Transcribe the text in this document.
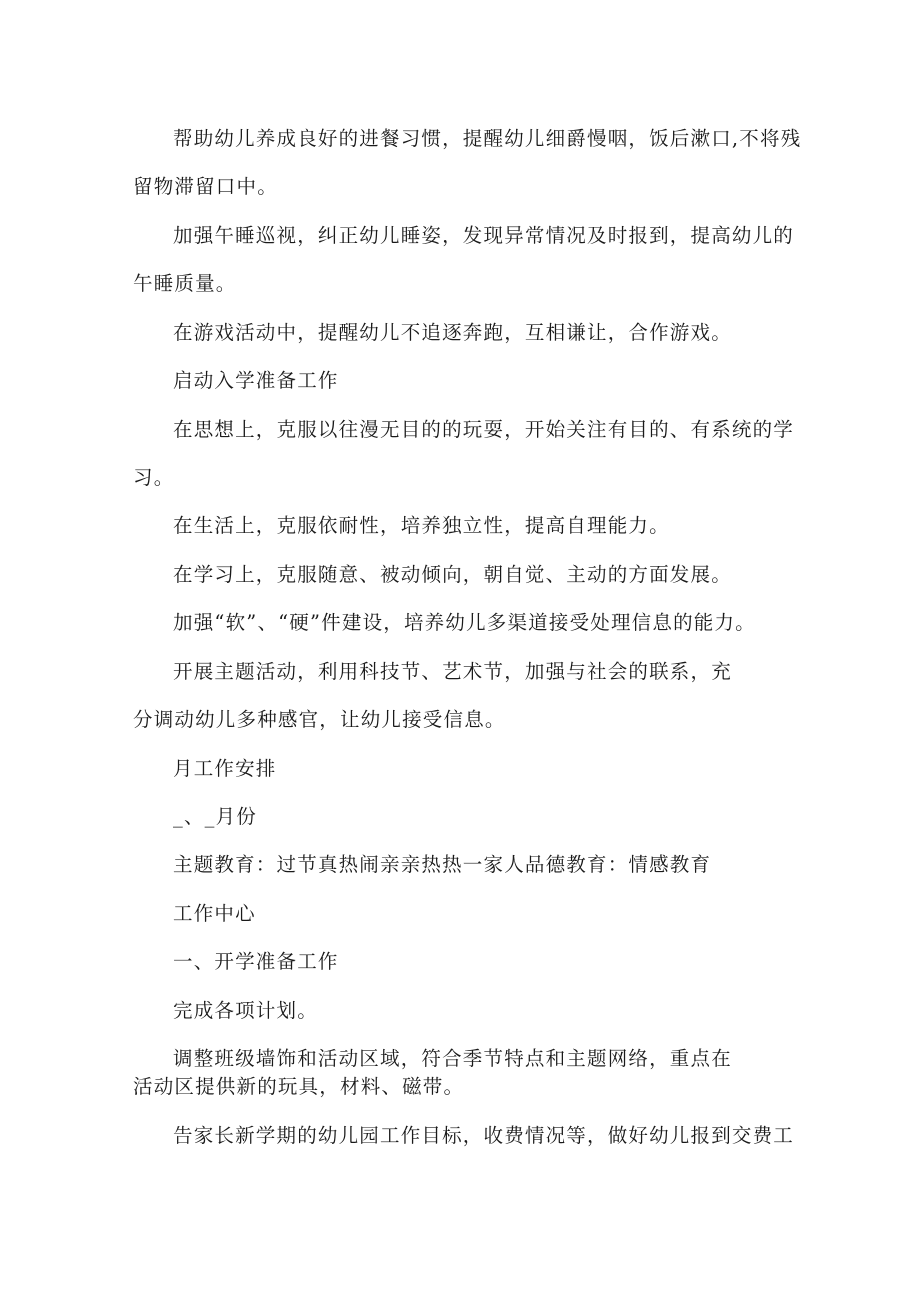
帮助幼儿养成良好的进餐习惯，提醒幼儿细爵慢咽，饭后漱口,不将残
留物滞留口中。
加强午睡巡视，纠正幼儿睡姿，发现异常情况及时报到，提高幼儿的
午睡质量。
在游戏活动中，提醒幼儿不追逐奔跑，互相谦让，合作游戏。
启动入学准备工作
在思想上，克服以往漫无目的的玩耍，开始关注有目的、有系统的学
习。
在生活上，克服依耐性，培养独立性，提高自理能力。
在学习上，克服随意、被动倾向，朝自觉、主动的方面发展。
加强“软”、“硬”件建设，培养幼儿多渠道接受处理信息的能力。
开展主题活动，利用科技节、艺术节，加强与社会的联系，充
分调动幼儿多种感官，让幼儿接受信息。
月工作安排
_、_月份
主题教育：过节真热闹亲亲热热一家人品德教育：情感教育
工作中心
一、开学准备工作
完成各项计划。
调整班级墙饰和活动区域，符合季节特点和主题网络，重点在
活动区提供新的玩具，材料、磁带。
告家长新学期的幼儿园工作目标，收费情况等，做好幼儿报到交费工
